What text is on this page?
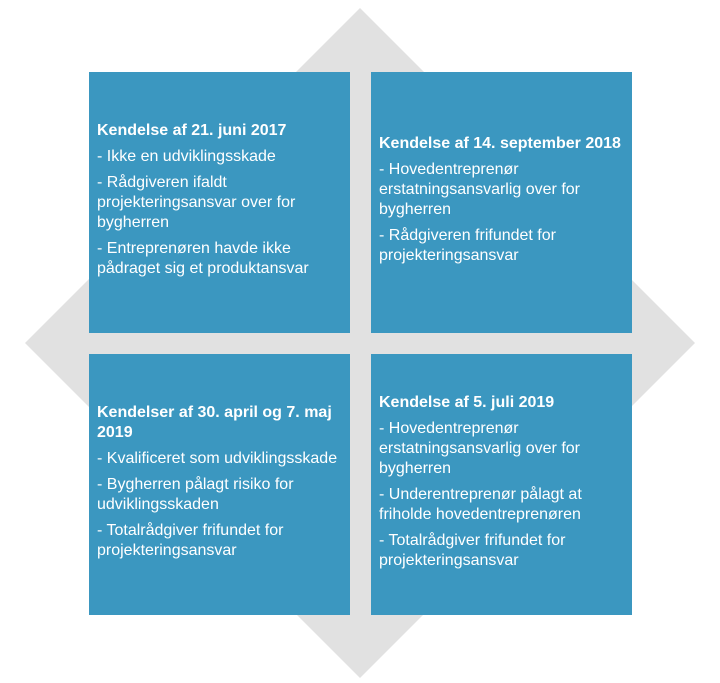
Kendelse af 21. juni 2017
- Ikke en udviklingsskade
- Rådgiveren ifaldt projekteringsansvar over for bygherren
- Entreprenøren havde ikke pådraget sig et produktansvar
Kendelse af 14. september 2018
- Hovedentreprenør erstatningsansvarlig over for bygherren
- Rådgiveren frifundet for projekteringsansvar
Kendelser af 30. april og 7. maj 2019
- Kvalificeret som udviklingsskade
- Bygherren pålagt risiko for udviklingsskaden
- Totalrådgiver frifundet for projekteringsansvar
Kendelse af 5. juli 2019
- Hovedentreprenør erstatningsansvarlig over for bygherren
- Underentreprenør pålagt at friholde hovedentreprenøren
- Totalrådgiver frifundet for projekteringsansvar
